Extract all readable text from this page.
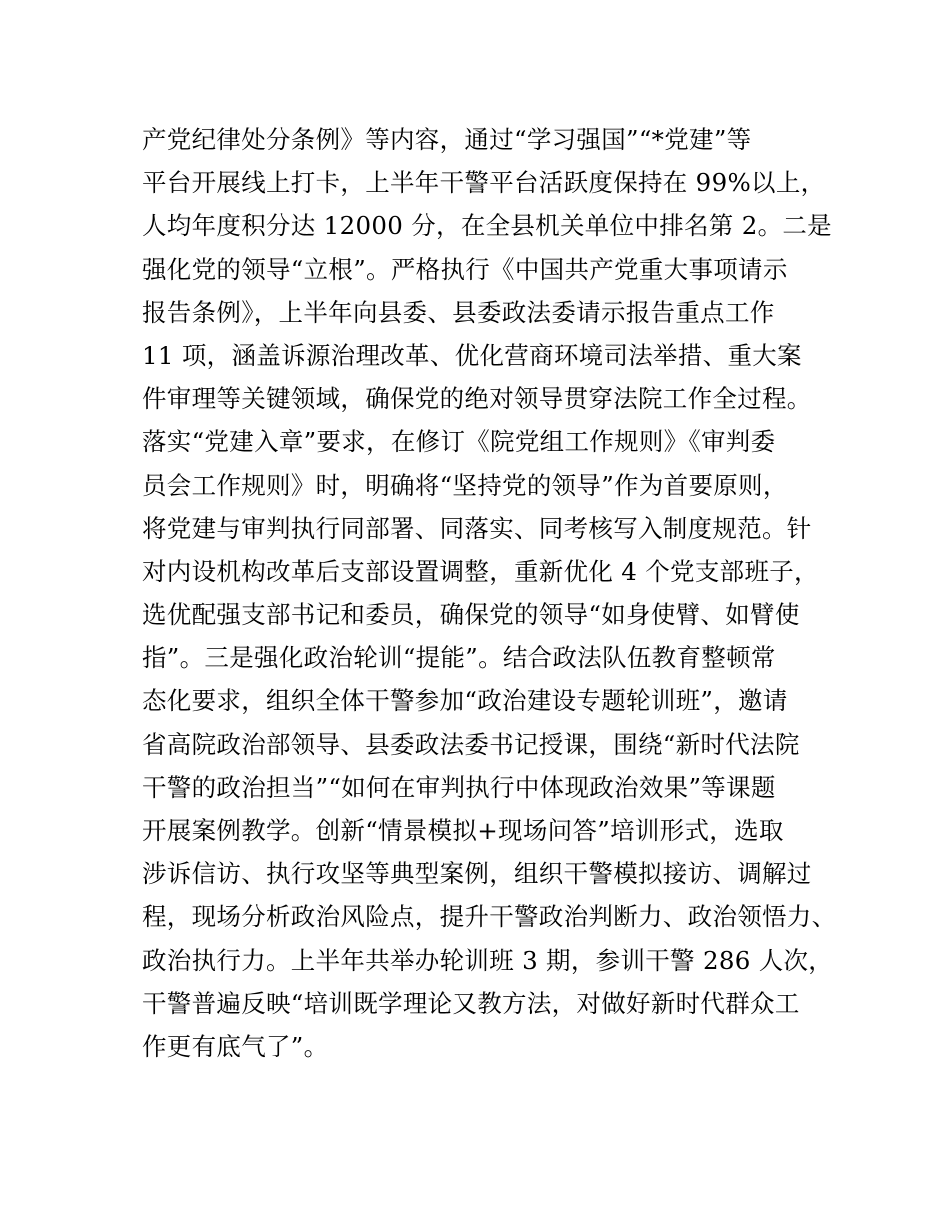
产党纪律处分条例》等内容，通过“学习强国”“*党建”等
平台开展线上打卡，上半年干警平台活跃度保持在 99%以上，
人均年度积分达 12000 分，在全县机关单位中排名第 2。二是
强化党的领导“立根”。严格执行《中国共产党重大事项请示
报告条例》，上半年向县委、县委政法委请示报告重点工作
11 项，涵盖诉源治理改革、优化营商环境司法举措、重大案
件审理等关键领域，确保党的绝对领导贯穿法院工作全过程。
落实“党建入章”要求，在修订《院党组工作规则》《审判委
员会工作规则》时，明确将“坚持党的领导”作为首要原则，
将党建与审判执行同部署、同落实、同考核写入制度规范。针
对内设机构改革后支部设置调整，重新优化 4 个党支部班子，
选优配强支部书记和委员，确保党的领导“如身使臂、如臂使
指”。三是强化政治轮训“提能”。结合政法队伍教育整顿常
态化要求，组织全体干警参加“政治建设专题轮训班”，邀请
省高院政治部领导、县委政法委书记授课，围绕“新时代法院
干警的政治担当”“如何在审判执行中体现政治效果”等课题
开展案例教学。创新“情景模拟+现场问答”培训形式，选取
涉诉信访、执行攻坚等典型案例，组织干警模拟接访、调解过
程，现场分析政治风险点，提升干警政治判断力、政治领悟力、
政治执行力。上半年共举办轮训班 3 期，参训干警 286 人次，
干警普遍反映“培训既学理论又教方法，对做好新时代群众工
作更有底气了”。
